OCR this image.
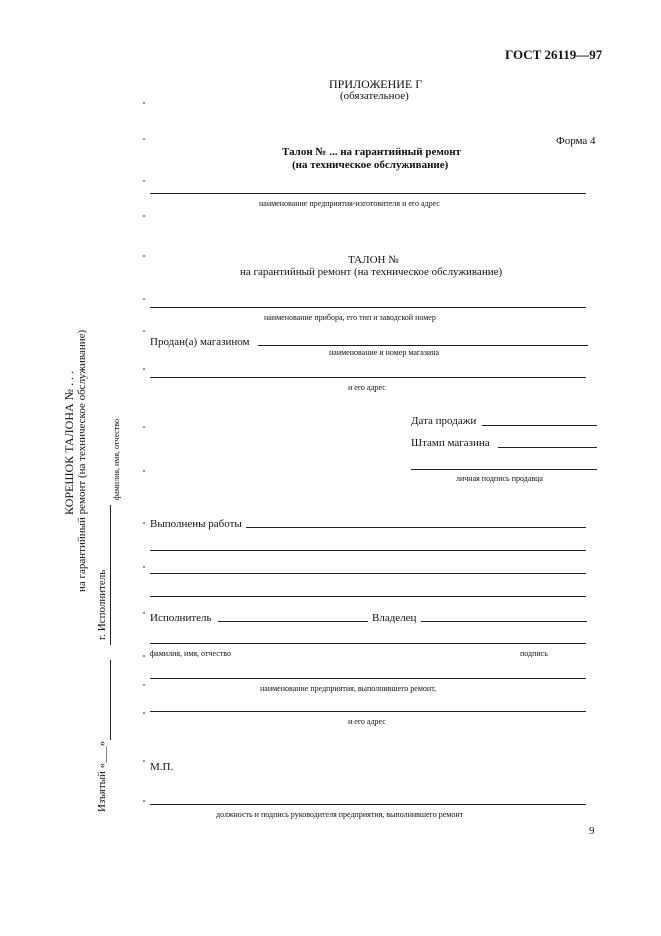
ГОСТ 26119—97
ПРИЛОЖЕНИЕ Г
(обязательное)
Форма 4
Талон № ... на гарантийный ремонт
(на техническое обслуживание)
наименование предприятия-изготовителя и его адрес
ТАЛОН №
на гарантийный ремонт (на техническое обслуживание)
наименование прибора, его тип и заводской номер
Продан(а) магазином
наименование и номер магазина
и его адрес
Дата продажи
Штамп магазина
личная подпись продавца
Выполнены работы
Исполнитель	Владелец
фамилия, имя, отчество	подпись
наименование предприятия, выполнившего ремонт,
и его адрес
М.П.
должность и подпись руководителя предприятия, выполнившего ремонт
9
КОРЕШОК ТАЛОНА № . . . на гарантийный ремонт (на техническое обслуживание)	фамилия, имя, отчество
г. Исполнитель
Изъятый «___»
